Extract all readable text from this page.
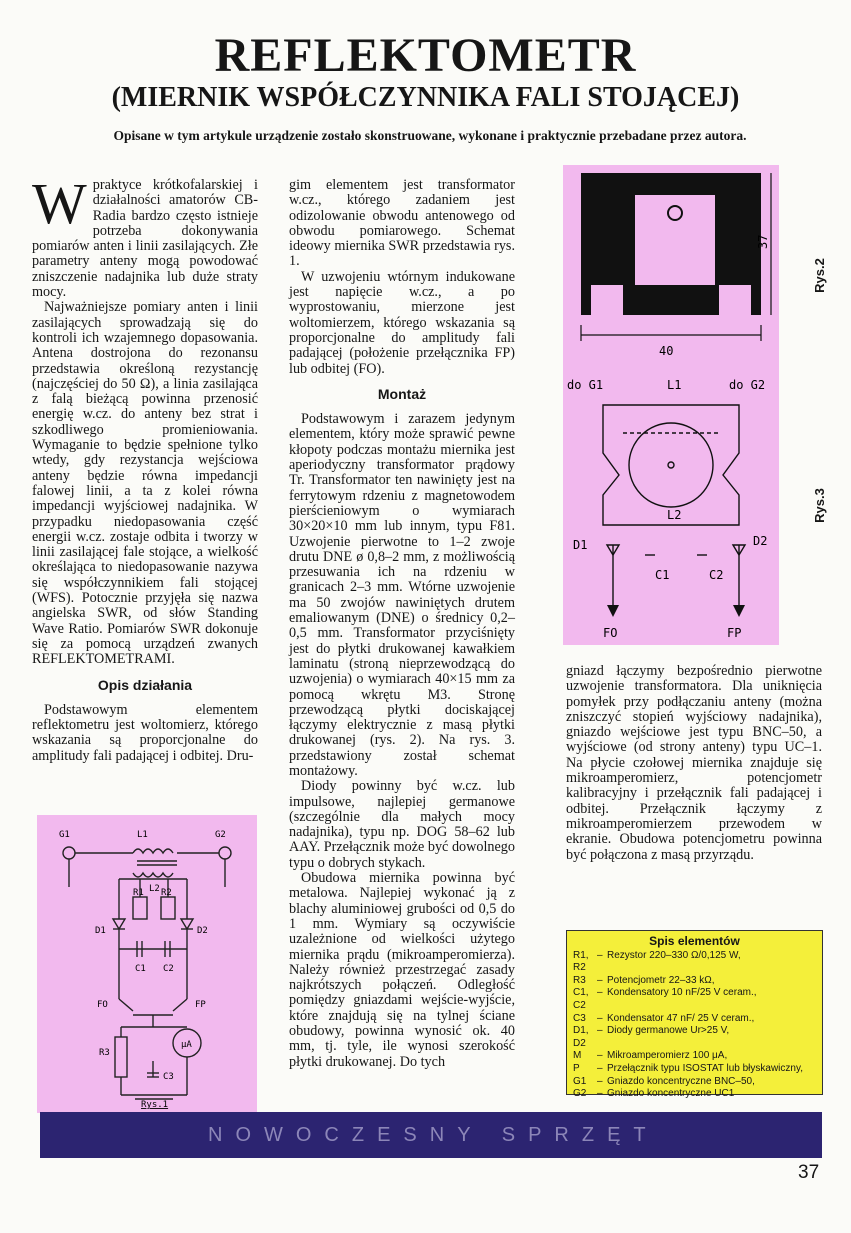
REFLEKTOMETR
(MIERNIK WSPÓŁCZYNNIKA FALI STOJĄCEJ)

Opisane w tym artykule urządzenie zostało skonstruowane, wykonane i praktycznie przebadane przez autora.

Wpraktyce krótkofalarskiej i działalności amatorów CB-Radia bardzo często istnieje potrzeba dokonywania pomiarów anten i linii zasilających. Złe parametry anteny mogą powodować zniszczenie nadajnika lub duże straty mocy.

Najważniejsze pomiary anten i linii zasilających sprowadzają się do kontroli ich wzajemnego dopasowania. Antena dostrojona do rezonansu przedstawia określoną rezystancję (najczęściej do 50 Ω), a linia zasilająca z falą bieżącą powinna przenosić energię w.cz. do anteny bez strat i szkodliwego promieniowania. Wymaganie to będzie spełnione tylko wtedy, gdy rezystancja wejściowa anteny będzie równa impedancji falowej linii, a ta z kolei równa impedancji wyjściowej nadajnika. W przypadku niedopasowania część energii w.cz. zostaje odbita i tworzy w linii zasilającej fale stojące, a wielkość określająca to niedopasowanie nazywa się współczynnikiem fali stojącej (WFS). Potocznie przyjęła się nazwa angielska SWR, od słów Standing Wave Ratio. Pomiarów SWR dokonuje się za pomocą urządzeń zwanych REFLEKTOMETRAMI.

Opis działania

Podstawowym elementem reflektometru jest woltomierz, którego wskazania są proporcjonalne do amplitudy fali padającej i odbitej. Dru-

gim elementem jest transformator w.cz., którego zadaniem jest odizolowanie obwodu antenowego od obwodu pomiarowego. Schemat ideowy miernika SWR przedstawia rys. 1.

W uzwojeniu wtórnym indukowane jest napięcie w.cz., a po wyprostowaniu, mierzone jest woltomierzem, którego wskazania są proporcjonalne do amplitudy fali padającej (położenie przełącznika FP) lub odbitej (FO).

Montaż

Podstawowym i zarazem jedynym elementem, który może sprawić pewne kłopoty podczas montażu miernika jest aperiodyczny transformator prądowy Tr. Transformator ten nawinięty jest na ferrytowym rdzeniu z magnetowodem pierścieniowym o wymiarach 30×20×10 mm lub innym, typu F81. Uzwojenie pierwotne to 1–2 zwoje drutu DNE ø 0,8–2 mm, z możliwością przesuwania ich na rdzeniu w granicach 2–3 mm. Wtórne uzwojenie ma 50 zwojów nawiniętych drutem emaliowanym (DNE) o średnicy 0,2–0,5 mm. Transformator przyciśnięty jest do płytki drukowanej kawałkiem laminatu (stroną nieprzewodzącą do uzwojenia) o wymiarach 40×15 mm za pomocą wkrętu M3. Stronę przewodzącą płytki dociskającej łączymy elektrycznie z masą płytki drukowanej (rys. 2). Na rys. 3. przedstawiony został schemat montażowy.

Diody powinny być w.cz. lub impulsowe, najlepiej germanowe (szczególnie dla małych mocy nadajnika), typu np. DOG 58–62 lub AAY. Przełącznik może być dowolnego typu o dobrych stykach.

Obudowa miernika powinna być metalowa. Najlepiej wykonać ją z blachy aluminiowej grubości od 0,5 do 1 mm. Wymiary są oczywiście uzależnione od wielkości użytego miernika prądu (mikroamperomierza). Należy również przestrzegać zasady najkrótszych połączeń. Odległość pomiędzy gniazdami wejście-wyjście, które znajdują się na tylnej ściane obudowy, powinna wynosić ok. 40 mm, tj. tyle, ile wynosi szerokość płytki drukowanej. Do tych

gniazd łączymy bezpośrednio pierwotne uzwojenie transformatora. Dla uniknięcia pomyłek przy podłączaniu anteny (można zniszczyć stopień wyjściowy nadajnika), gniazdo wejściowe jest typu BNC–50, a wyjściowe (od strony anteny) typu UC–1. Na płycie czołowej miernika znajduje się mikroamperomierz, potencjometr kalibracyjny i przełącznik fali padającej i odbitej. Przełącznik łączymy z mikroamperomierzem przewodem w ekranie. Obudowa potencjometru powinna być połączona z masą przyrządu.

G1	L1	G2
L2
D1	D2
R1 R2
C1 C2
FO	FP
R3
C3
μA
Rys.1
40
37
do G1	L1	do G2
L2
D1	D2
C1	C2
FO	FP
Rys.2
Rys.3
Spis elementów
R1, R2
– Rezystor 220–330 Ω/0,125 W,
R3	– Potencjometr 22–33 kΩ,
C1, C2
– Kondensatory 10 nF/25 V ceram.,
C3	– Kondensator 47 nF/ 25 V ceram.,
D1, D2
– Diody germanowe Ur>25 V,
M	– Mikroamperomierz 100 μA,
P	– Przełącznik typu ISOSTAT lub błyskawiczny,
G1	– Gniazdo koncentryczne BNC–50,
G2	– Gniazdo koncentryczne UC1
NOWOCZESNY SPRZĘT
37
